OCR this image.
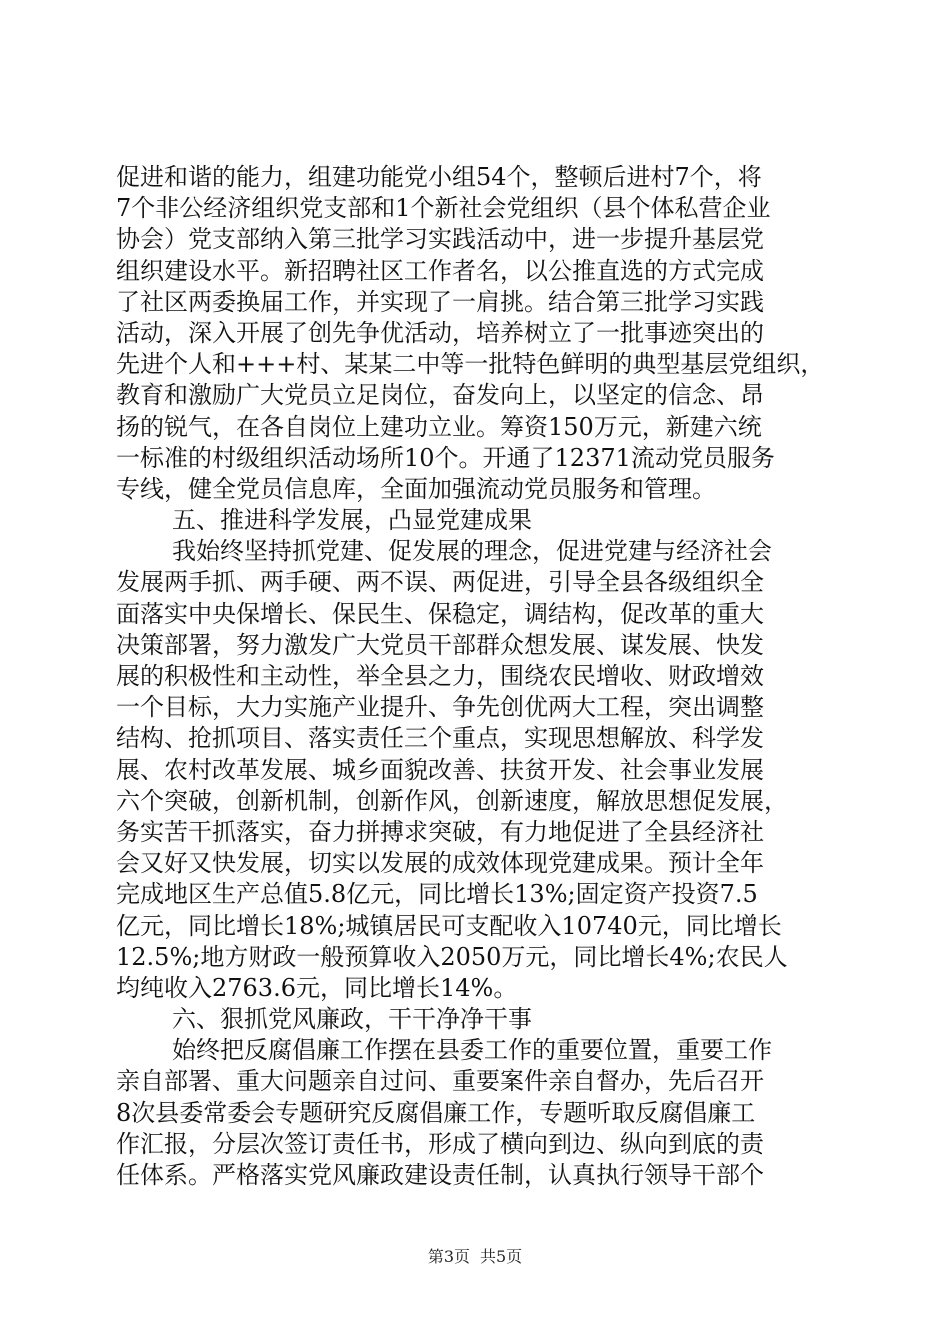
促进和谐的能力，组建功能党小组54个，整顿后进村7个，将
7个非公经济组织党支部和1个新社会党组织（县个体私营企业
协会）党支部纳入第三批学习实践活动中，进一步提升基层党
组织建设水平。新招聘社区工作者名，以公推直选的方式完成
了社区两委换届工作，并实现了一肩挑。结合第三批学习实践
活动，深入开展了创先争优活动，培养树立了一批事迹突出的
先进个人和+++村、某某二中等一批特色鲜明的典型基层党组织，
教育和激励广大党员立足岗位，奋发向上，以坚定的信念、昂
扬的锐气，在各自岗位上建功立业。筹资150万元，新建六统
一标准的村级组织活动场所10个。开通了12371流动党员服务
专线，健全党员信息库，全面加强流动党员服务和管理。
五、推进科学发展，凸显党建成果
我始终坚持抓党建、促发展的理念，促进党建与经济社会
发展两手抓、两手硬、两不误、两促进，引导全县各级组织全
面落实中央保增长、保民生、保稳定，调结构，促改革的重大
决策部署，努力激发广大党员干部群众想发展、谋发展、快发
展的积极性和主动性，举全县之力，围绕农民增收、财政增效
一个目标，大力实施产业提升、争先创优两大工程，突出调整
结构、抢抓项目、落实责任三个重点，实现思想解放、科学发
展、农村改革发展、城乡面貌改善、扶贫开发、社会事业发展
六个突破，创新机制，创新作风，创新速度，解放思想促发展，
务实苦干抓落实，奋力拼搏求突破，有力地促进了全县经济社
会又好又快发展，切实以发展的成效体现党建成果。预计全年
完成地区生产总值5.8亿元，同比增长13%;固定资产投资7.5
亿元，同比增长18%;城镇居民可支配收入10740元，同比增长
12.5%;地方财政一般预算收入2050万元，同比增长4%;农民人
均纯收入2763.6元，同比增长14%。
六、狠抓党风廉政，干干净净干事
始终把反腐倡廉工作摆在县委工作的重要位置，重要工作
亲自部署、重大问题亲自过问、重要案件亲自督办，先后召开
8次县委常委会专题研究反腐倡廉工作，专题听取反腐倡廉工
作汇报，分层次签订责任书，形成了横向到边、纵向到底的责
任体系。严格落实党风廉政建设责任制，认真执行领导干部个
第3页 共5页
